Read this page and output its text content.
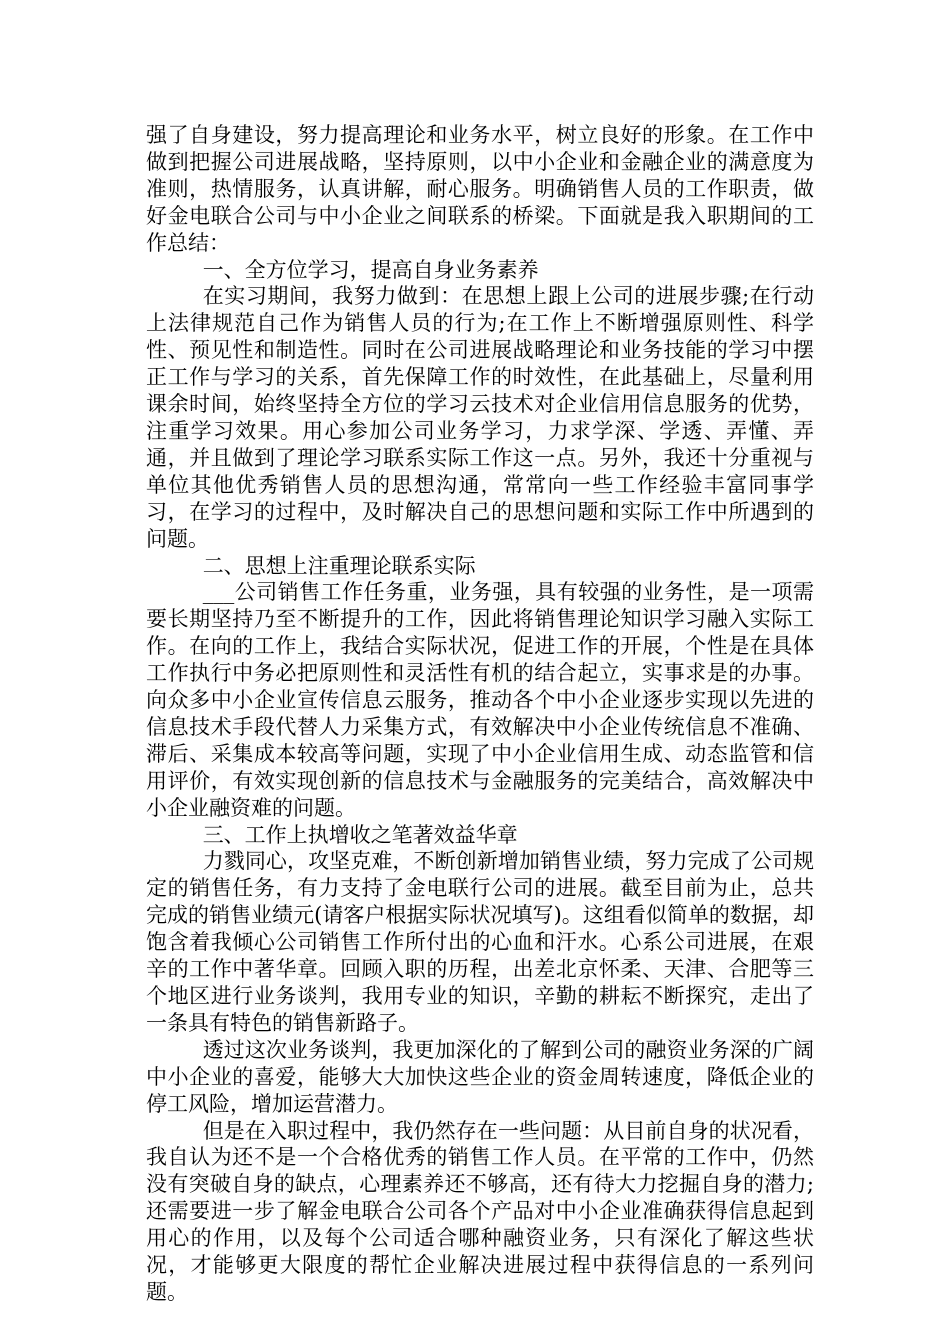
强了自身建设，努力提高理论和业务水平，树立良好的形象。在工作中做到把握公司进展战略，坚持原则，以中小企业和金融企业的满意度为准则，热情服务，认真讲解，耐心服务。明确销售人员的工作职责，做好金电联合公司与中小企业之间联系的桥梁。下面就是我入职期间的工作总结：

一、全方位学习，提高自身业务素养

在实习期间，我努力做到：在思想上跟上公司的进展步骤;在行动上法律规范自己作为销售人员的行为;在工作上不断增强原则性、科学性、预见性和制造性。同时在公司进展战略理论和业务技能的学习中摆正工作与学习的关系，首先保障工作的时效性，在此基础上，尽量利用课余时间，始终坚持全方位的学习云技术对企业信用信息服务的优势，注重学习效果。用心参加公司业务学习，力求学深、学透、弄懂、弄通，并且做到了理论学习联系实际工作这一点。另外，我还十分重视与单位其他优秀销售人员的思想沟通，常常向一些工作经验丰富同事学习，在学习的过程中，及时解决自己的思想问题和实际工作中所遇到的问题。

二、思想上注重理论联系实际

___公司销售工作任务重，业务强，具有较强的业务性，是一项需要长期坚持乃至不断提升的工作，因此将销售理论知识学习融入实际工作。在向的工作上，我结合实际状况，促进工作的开展，个性是在具体工作执行中务必把原则性和灵活性有机的结合起立，实事求是的办事。向众多中小企业宣传信息云服务，推动各个中小企业逐步实现以先进的信息技术手段代替人力采集方式，有效解决中小企业传统信息不准确、滞后、采集成本较高等问题，实现了中小企业信用生成、动态监管和信用评价，有效实现创新的信息技术与金融服务的完美结合，高效解决中小企业融资难的问题。

三、工作上执增收之笔著效益华章

力戮同心，攻坚克难，不断创新增加销售业绩，努力完成了公司规定的销售任务，有力支持了金电联行公司的进展。截至目前为止，总共完成的销售业绩元(请客户根据实际状况填写)。这组看似简单的数据，却饱含着我倾心公司销售工作所付出的心血和汗水。心系公司进展，在艰辛的工作中著华章。回顾入职的历程，出差北京怀柔、天津、合肥等三个地区进行业务谈判，我用专业的知识，辛勤的耕耘不断探究，走出了一条具有特色的销售新路子。

透过这次业务谈判，我更加深化的了解到公司的融资业务深的广阔中小企业的喜爱，能够大大加快这些企业的资金周转速度，降低企业的停工风险，增加运营潜力。

但是在入职过程中，我仍然存在一些问题：从目前自身的状况看，我自认为还不是一个合格优秀的销售工作人员。在平常的工作中，仍然没有突破自身的缺点，心理素养还不够高，还有待大力挖掘自身的潜力;还需要进一步了解金电联合公司各个产品对中小企业准确获得信息起到用心的作用，以及每个公司适合哪种融资业务，只有深化了解这些状况，才能够更大限度的帮忙企业解决进展过程中获得信息的一系列问题。
